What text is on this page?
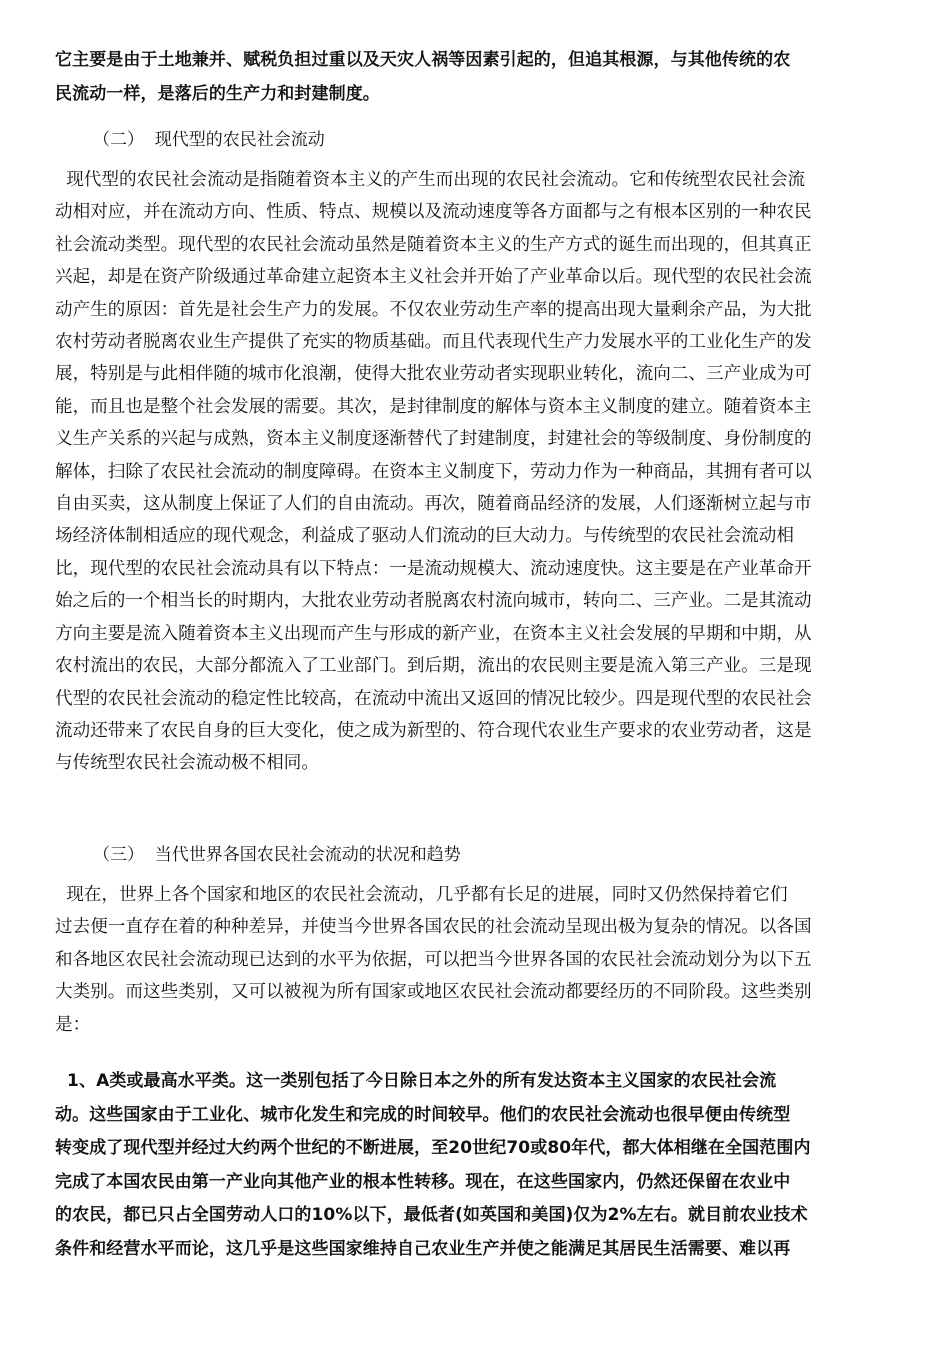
它主要是由于土地兼并、赋税负担过重以及天灾人祸等因素引起的，但追其根源，与其他传统的农
民流动一样，是落后的生产力和封建制度。
（二）  现代型的农民社会流动
现代型的农民社会流动是指随着资本主义的产生而出现的农民社会流动。它和传统型农民社会流
动相对应，并在流动方向、性质、特点、规模以及流动速度等各方面都与之有根本区别的一种农民
社会流动类型。现代型的农民社会流动虽然是随着资本主义的生产方式的诞生而出现的，但其真正
兴起，却是在资产阶级通过革命建立起资本主义社会并开始了产业革命以后。现代型的农民社会流
动产生的原因：首先是社会生产力的发展。不仅农业劳动生产率的提高出现大量剩余产品，为大批
农村劳动者脱离农业生产提供了充实的物质基础。而且代表现代生产力发展水平的工业化生产的发
展，特别是与此相伴随的城市化浪潮，使得大批农业劳动者实现职业转化，流向二、三产业成为可
能，而且也是整个社会发展的需要。其次，是封律制度的解体与资本主义制度的建立。随着资本主
义生产关系的兴起与成熟，资本主义制度逐渐替代了封建制度，封建社会的等级制度、身份制度的
解体，扫除了农民社会流动的制度障碍。在资本主义制度下，劳动力作为一种商品，其拥有者可以
自由买卖，这从制度上保证了人们的自由流动。再次，随着商品经济的发展，人们逐渐树立起与市
场经济体制相适应的现代观念，利益成了驱动人们流动的巨大动力。与传统型的农民社会流动相
比，现代型的农民社会流动具有以下特点：一是流动规模大、流动速度快。这主要是在产业革命开
始之后的一个相当长的时期内，大批农业劳动者脱离农村流向城市，转向二、三产业。二是其流动
方向主要是流入随着资本主义出现而产生与形成的新产业，在资本主义社会发展的早期和中期，从
农村流出的农民，大部分都流入了工业部门。到后期，流出的农民则主要是流入第三产业。三是现
代型的农民社会流动的稳定性比较高，在流动中流出又返回的情况比较少。四是现代型的农民社会
流动还带来了农民自身的巨大变化，使之成为新型的、符合现代农业生产要求的农业劳动者，这是
与传统型农民社会流动极不相同。
（三）  当代世界各国农民社会流动的状况和趋势
现在，世界上各个国家和地区的农民社会流动，几乎都有长足的进展，同时又仍然保持着它们
过去便一直存在着的种种差异，并使当今世界各国农民的社会流动呈现出极为复杂的情况。以各国
和各地区农民社会流动现已达到的水平为依据，可以把当今世界各国的农民社会流动划分为以下五
大类别。而这些类别，又可以被视为所有国家或地区农民社会流动都要经历的不同阶段。这些类别
是：
1、A类或最高水平类。这一类别包括了今日除日本之外的所有发达资本主义国家的农民社会流
动。这些国家由于工业化、城市化发生和完成的时间较早。他们的农民社会流动也很早便由传统型
转变成了现代型并经过大约两个世纪的不断进展，至20世纪70或80年代，都大体相继在全国范围内
完成了本国农民由第一产业向其他产业的根本性转移。现在，在这些国家内，仍然还保留在农业中
的农民，都已只占全国劳动人口的10%以下，最低者(如英国和美国)仅为2%左右。就目前农业技术
条件和经营水平而论，这几乎是这些国家维持自己农业生产并使之能满足其居民生活需要、难以再
